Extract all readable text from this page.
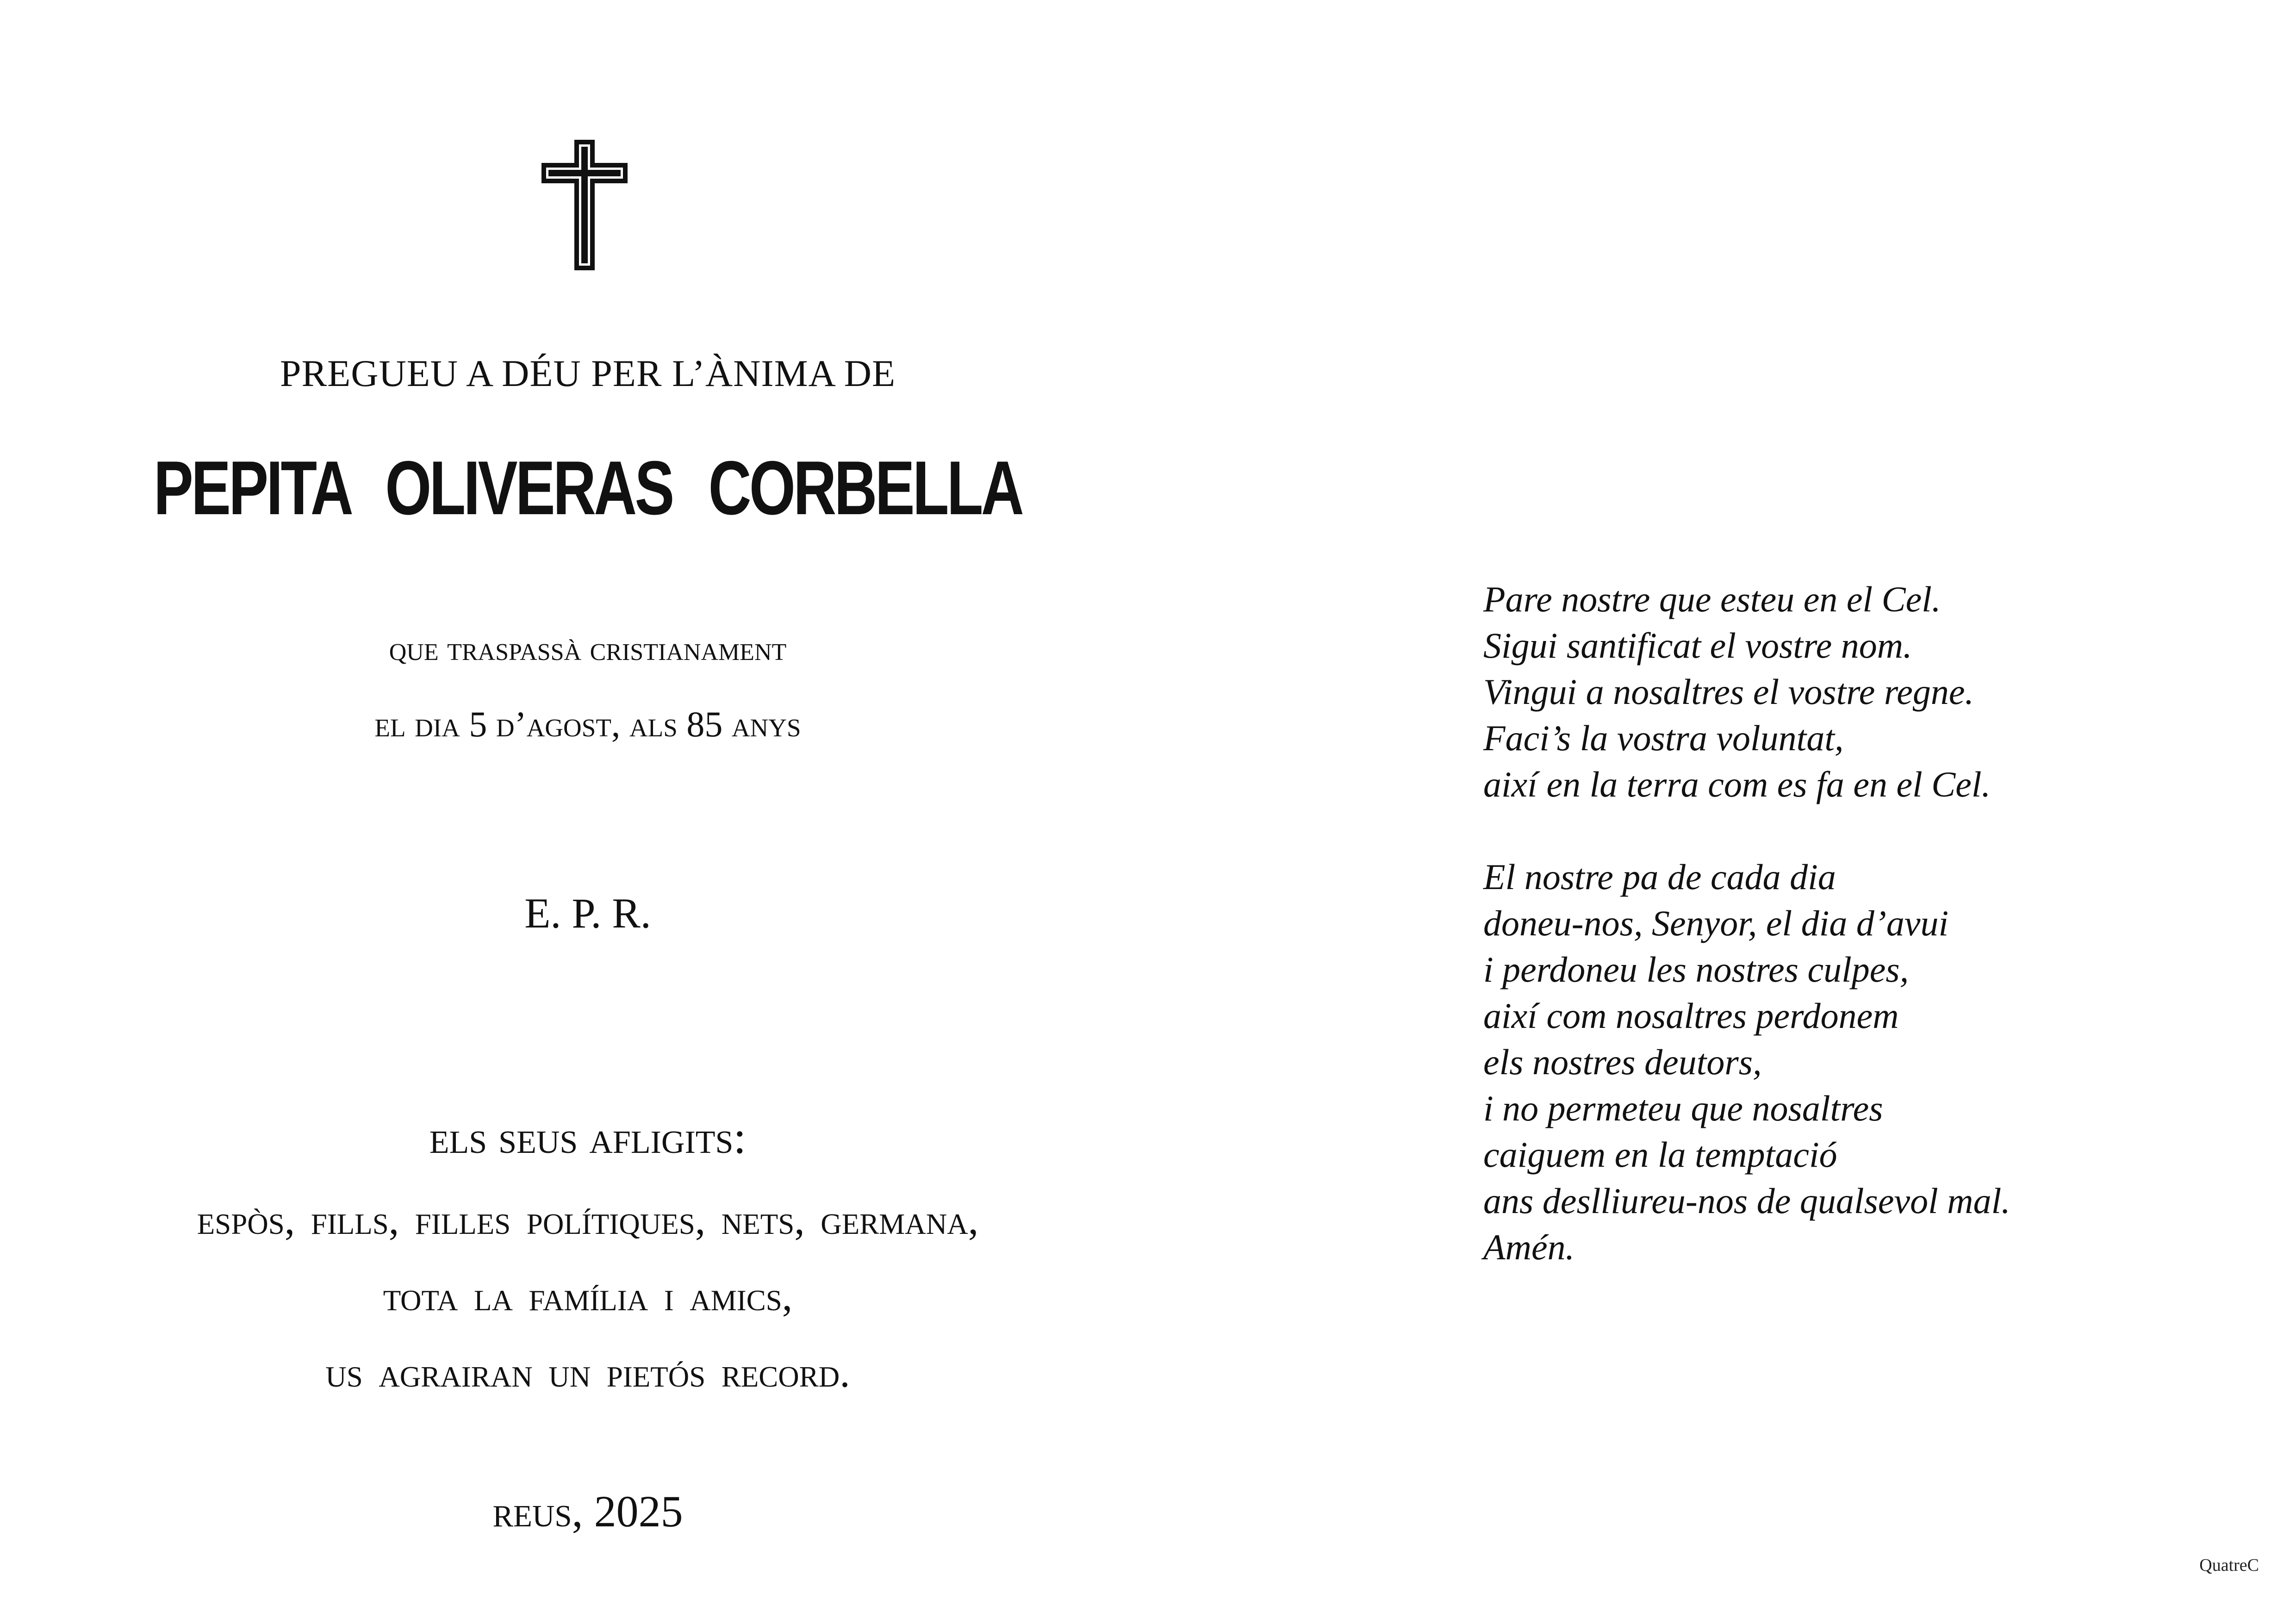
PREGUEU A DÉU PER L’ÀNIMA DE
PEPITA OLIVERAS CORBELLA
que traspassà cristianament
el dia 5 d’agost, als 85 anys
E. P. R.
els seus afligits:
espòs, fills, filles polítiques, nets, germana,
tota la família i amics,
us agrairan un pietós record.
reus, 2025
Pare nostre que esteu en el Cel.
Sigui santificat el vostre nom.
Vingui a nosaltres el vostre regne.
Faci’s la vostra voluntat,
així en la terra com es fa en el Cel.
El nostre pa de cada dia
doneu-nos, Senyor, el dia d’avui
i perdoneu les nostres culpes,
així com nosaltres perdonem
els nostres deutors,
i no permeteu que nosaltres
caiguem en la temptació
ans deslliureu-nos de qualsevol mal.
Amén.
QuatreC
